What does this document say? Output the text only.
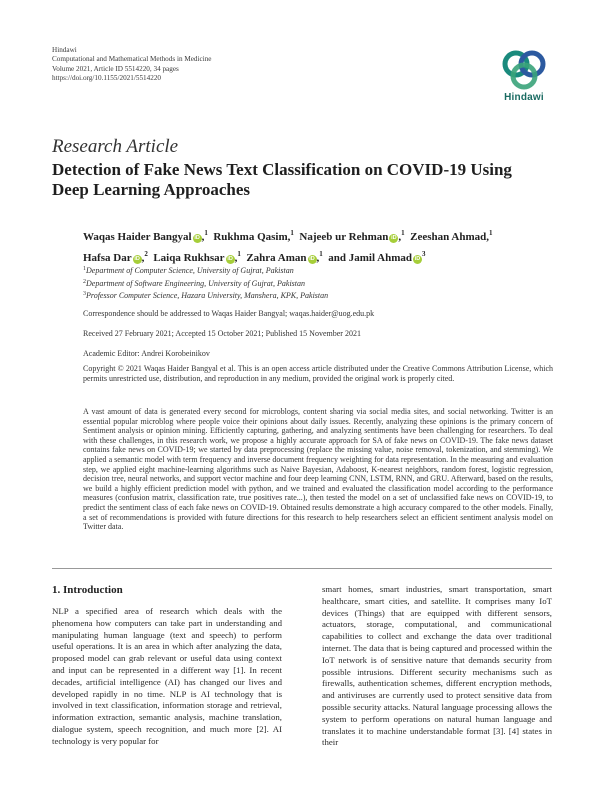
Hindawi
Computational and Mathematical Methods in Medicine
Volume 2021, Article ID 5514220, 34 pages
https://doi.org/10.1155/2021/5514220
Hindawi
Research Article
Detection of Fake News Text Classification on COVID-19 Using Deep Learning Approaches
Waqas Haider Bangyal iD ,$^1$ Rukhma Qasim,$^1$ Najeeb ur Rehman iD ,$^1$ Zeeshan Ahmad,$^1$
Hafsa Dar iD ,$^2$ Laiqa Rukhsar iD ,$^1$ Zahra Aman iD ,$^1$ and Jamil Ahmad $iD^3$
$^1$Department of Computer Science, University of Gujrat, Pakistan
$^2$Department of Software Engineering, University of Gujrat, Pakistan
$^3$Professor Computer Science, Hazara University, Manshera, KPK, Pakistan
Correspondence should be addressed to Waqas Haider Bangyal; waqas.haider@uog.edu.pk
Received 27 February 2021; Accepted 15 October 2021; Published 15 November 2021
Academic Editor: Andrei Korobeinikov
Copyright © 2021 Waqas Haider Bangyal et al. This is an open access article distributed under the Creative Commons Attribution License, which permits unrestricted use, distribution, and reproduction in any medium, provided the original work is properly cited.
A vast amount of data is generated every second for microblogs, content sharing via social media sites, and social networking. Twitter is an essential popular microblog where people voice their opinions about daily issues. Recently, analyzing these opinions is the primary concern of Sentiment analysis or opinion mining. Efficiently capturing, gathering, and analyzing sentiments have been challenging for researchers. To deal with these challenges, in this research work, we propose a highly accurate approach for SA of fake news on COVID-19. The fake news dataset contains fake news on COVID-19; we started by data preprocessing (replace the missing value, noise removal, tokenization, and stemming). We applied a semantic model with term frequency and inverse document frequency weighting for data representation. In the measuring and evaluation step, we applied eight machine-learning algorithms such as Naive Bayesian, Adaboost, K-nearest neighbors, random forest, logistic regression, decision tree, neural networks, and support vector machine and four deep learning CNN, LSTM, RNN, and GRU. Afterward, based on the results, we build a highly efficient prediction model with python, and we trained and evaluated the classification model according to the performance measures (confusion matrix, classification rate, true positives rate...), then tested the model on a set of unclassified fake news on COVID-19, to predict the sentiment class of each fake news on COVID-19. Obtained results demonstrate a high accuracy compared to the other models. Finally, a set of recommendations is provided with future directions for this research to help researchers select an efficient sentiment analysis model on Twitter data.
1. Introduction
NLP a specified area of research which deals with the phenomena how computers can take part in understanding and manipulating human language (text and speech) to perform useful operations. It is an area in which after analyzing the data, proposed model can grab relevant or useful data using context and input can be represented in a different way [1]. In recent decades, artificial intelligence (AI) has changed our lives and developed rapidly in no time. NLP is AI technology that is involved in text classification, information storage and retrieval, information extraction, semantic analysis, machine translation, dialogue system, speech recognition, and much more [2]. AI technology is very popular for
smart homes, smart industries, smart transportation, smart healthcare, smart cities, and satellite. It comprises many IoT devices (Things) that are equipped with different sensors, actuators, storage, computational, and communicational capabilities to collect and exchange the data over traditional internet. The data that is being captured and processed within the IoT network is of sensitive nature that demands security from possible intrusions. Different security mechanisms such as firewalls, authentication schemes, different encryption methods, and antiviruses are currently used to protect sensitive data from possible security attacks. Natural language processing allows the system to perform operations on natural human language and translates it to machine understandable format [3]. [4] states in their
